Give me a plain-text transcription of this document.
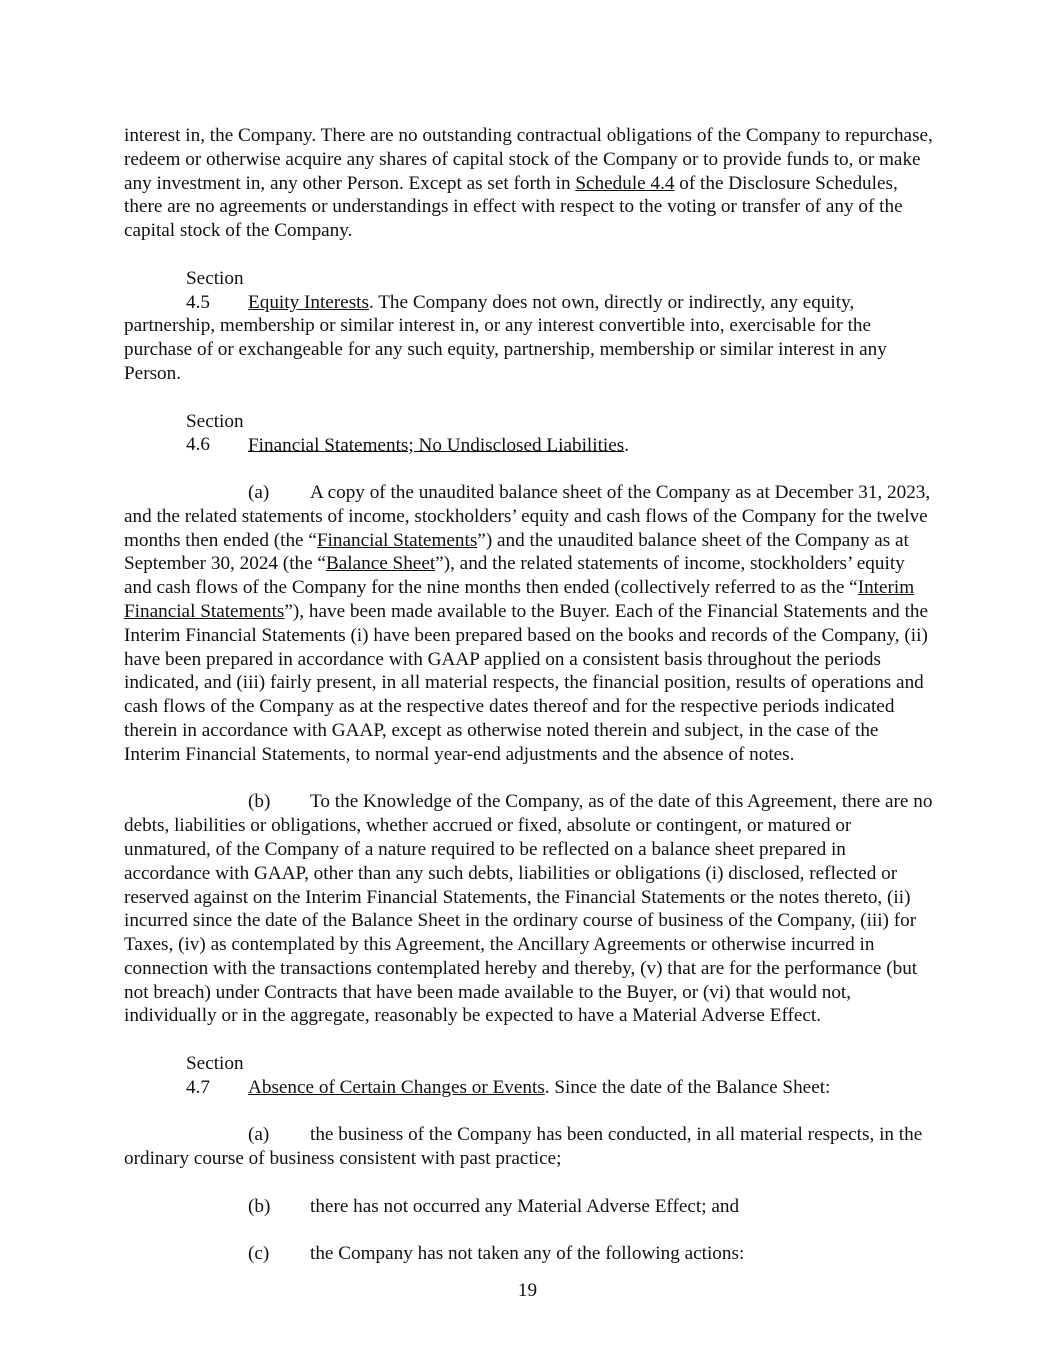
interest in, the Company. There are no outstanding contractual obligations of the Company to repurchase, redeem or otherwise acquire any shares of capital stock of the Company or to provide funds to, or make any investment in, any other Person. Except as set forth in Schedule 4.4 of the Disclosure Schedules, there are no agreements or understandings in effect with respect to the voting or transfer of any of the capital stock of the Company.

Section 4.5 Equity Interests. The Company does not own, directly or indirectly, any equity, partnership, membership or similar interest in, or any interest convertible into, exercisable for the purchase of or exchangeable for any such equity, partnership, membership or similar interest in any Person.

Section 4.6 Financial Statements; No Undisclosed Liabilities.

(a) A copy of the unaudited balance sheet of the Company as at December 31, 2023, and the related statements of income, stockholders’ equity and cash flows of the Company for the twelve months then ended (the “Financial Statements”) and the unaudited balance sheet of the Company as at September 30, 2024 (the “Balance Sheet”), and the related statements of income, stockholders’ equity and cash flows of the Company for the nine months then ended (collectively referred to as the “Interim Financial Statements”), have been made available to the Buyer. Each of the Financial Statements and the Interim Financial Statements (i) have been prepared based on the books and records of the Company, (ii) have been prepared in accordance with GAAP applied on a consistent basis throughout the periods indicated, and (iii) fairly present, in all material respects, the financial position, results of operations and cash flows of the Company as at the respective dates thereof and for the respective periods indicated therein in accordance with GAAP, except as otherwise noted therein and subject, in the case of the Interim Financial Statements, to normal year-end adjustments and the absence of notes.

(b) To the Knowledge of the Company, as of the date of this Agreement, there are no debts, liabilities or obligations, whether accrued or fixed, absolute or contingent, or matured or unmatured, of the Company of a nature required to be reflected on a balance sheet prepared in accordance with GAAP, other than any such debts, liabilities or obligations (i) disclosed, reflected or reserved against on the Interim Financial Statements, the Financial Statements or the notes thereto, (ii) incurred since the date of the Balance Sheet in the ordinary course of business of the Company, (iii) for Taxes, (iv) as contemplated by this Agreement, the Ancillary Agreements or otherwise incurred in connection with the transactions contemplated hereby and thereby, (v) that are for the performance (but not breach) under Contracts that have been made available to the Buyer, or (vi) that would not, individually or in the aggregate, reasonably be expected to have a Material Adverse Effect.

Section 4.7 Absence of Certain Changes or Events. Since the date of the Balance Sheet:

(a) the business of the Company has been conducted, in all material respects, in the ordinary course of business consistent with past practice;

(b) there has not occurred any Material Adverse Effect; and

(c) the Company has not taken any of the following actions:

19
